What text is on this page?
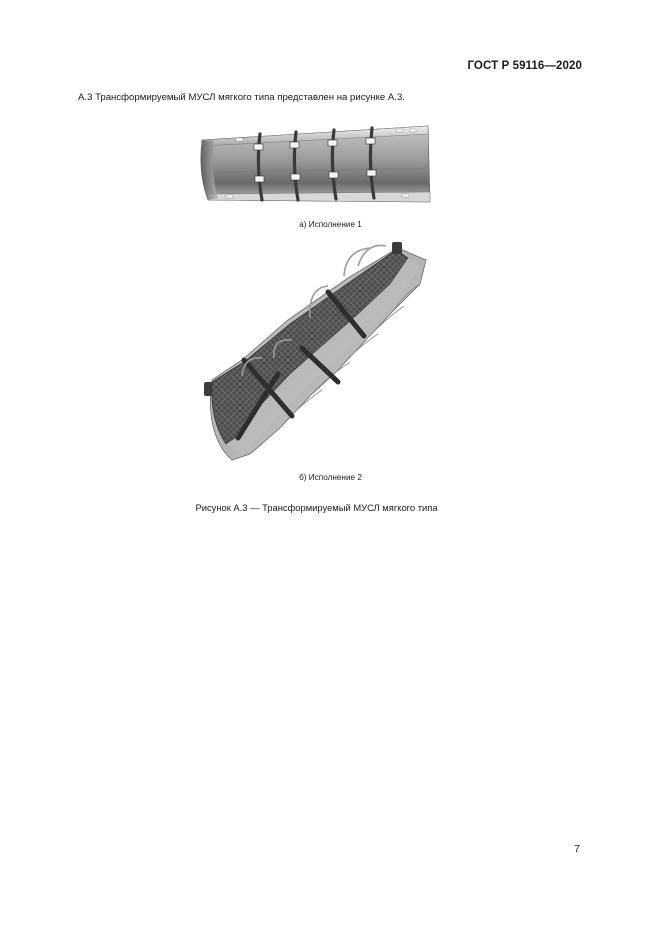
ГОСТ Р 59116—2020
А.3 Трансформируемый МУСЛ мягкого типа представлен на рисунке А.3.
а) Исполнение 1
б) Исполнение 2
Рисунок А.3 — Трансформируемый МУСЛ мягкого типа
7
